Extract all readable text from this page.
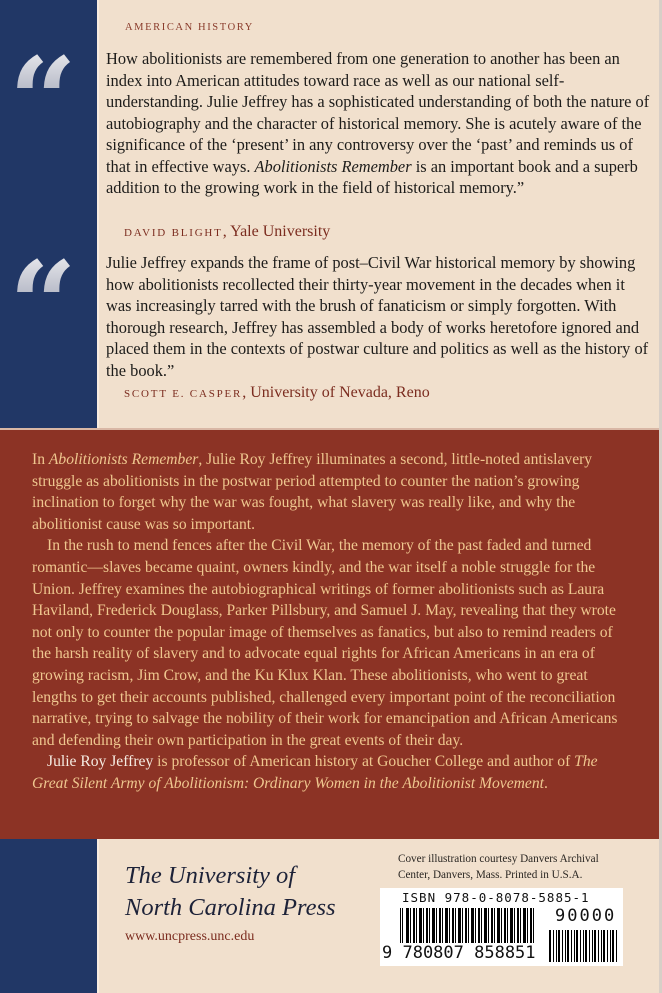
AMERICAN HISTORY
“	How abolitionists are remembered from one generation to another has been an index into American attitudes toward race as well as our national self-understanding. Julie Jeffrey has a sophisticated understanding of both the nature of autobiography and the character of historical memory. She is acutely aware of the significance of the ‘present’ in any controversy over the ‘past’ and reminds us of that in effective ways. Abolitionists Remember is an important book and a superb addition to the growing work in the field of historical memory.”

DAVID BLIGHT, Yale University
“	Julie Jeffrey expands the frame of post–Civil War historical memory by showing how abolitionists recollected their thirty-year movement in the decades when it was increasingly tarred with the brush of fanaticism or simply forgotten. With thorough research, Jeffrey has assembled a body of works heretofore ignored and placed them in the contexts of postwar culture and politics as well as the history of the book.”

SCOTT E. CASPER, University of Nevada, Reno

In Abolitionists Remember, Julie Roy Jeffrey illuminates a second, little-noted antislavery struggle as abolitionists in the postwar period attempted to counter the nation’s growing inclination to forget why the war was fought, what slavery was really like, and why the abolitionist cause was so important.

In the rush to mend fences after the Civil War, the memory of the past faded and turned romantic—slaves became quaint, owners kindly, and the war itself a noble struggle for the Union. Jeffrey examines the autobiographical writings of former abolitionists such as Laura Haviland, Frederick Douglass, Parker Pillsbury, and Samuel J. May, revealing that they wrote not only to counter the popular image of themselves as fanatics, but also to remind readers of the harsh reality of slavery and to advocate equal rights for African Americans in an era of growing racism, Jim Crow, and the Ku Klux Klan. These abolitionists, who went to great lengths to get their accounts published, challenged every important point of the reconciliation narrative, trying to salvage the nobility of their work for emancipation and African Americans and defending their own participation in the great events of their day.

Julie Roy Jeffrey is professor of American history at Goucher College and author of The Great Silent Army of Abolitionism: Ordinary Women in the Abolitionist Movement.

The University of
North Carolina Press
www.uncpress.unc.edu
Cover illustration courtesy Danvers Archival
Center, Danvers, Mass. Printed in U.S.A.
ISBN 978-0-8078-5885-1
90000
9 780807 858851
